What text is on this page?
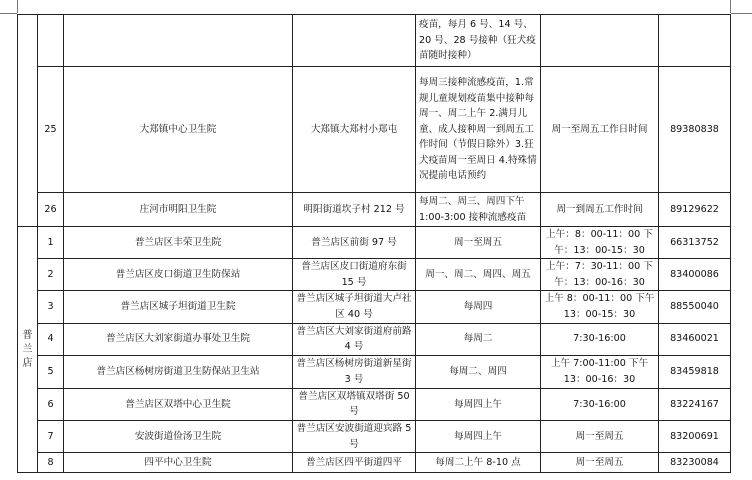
				疫苗，每月 6 号、14 号、20 号、28 号接种（狂犬疫苗随时接种）		
	25	大郑镇中心卫生院	大郑镇大郑村小郑屯	每周三接种流感疫苗，1.常规儿童规划疫苗集中接种每周一、周二上午 2.满月儿童、成人接种周一到周五工作时间（节假日除外）3.狂犬疫苗周一至周日 4.特殊情况提前电话预约	周一至周五工作日时间	89380838
	26	庄河市明阳卫生院	明阳街道坎子村 212 号	每周二、周三、周四下午 1:00-3:00 接种流感疫苗	周一到周五工作时间	89129622

普
兰
店	1	普兰店区丰荣卫生院	普兰店区前街 97 号	周一至周五	上午：8：00-11：00 下午：13：00-15：30	66313752
	2	普兰店区皮口街道卫生防保站	普兰店区皮口街道府东街 15 号	周一、周二、周四、周五	上午：7：30-11：00 下午：13：00-16：30	83400086
	3	普兰店区城子坦街道卫生院	普兰店区城子坦街道大卢社区 40 号	每周四	上午 8：00-11：00 下午 13：00-15：30	88550040
	4	普兰店区大刘家街道办事处卫生院	普兰店区大刘家街道府前路 4 号	每周二	7:30-16:00	83460021
	5	普兰店区杨树房街道卫生防保站卫生站	普兰店区杨树房街道新星街 3 号	每周二、周四	上午 7:00-11:00 下午 13：00-16：30	83459818
	6	普兰店区双塔中心卫生院	普兰店区双塔镇双塔街 50 号	每周四上午	7:30-16:00	83224167
	7	安波街道俭汤卫生院	普兰店区安波街道迎宾路 5 号	每周四上午	周一至周五	83200691
	8	四平中心卫生院	普兰店区四平街道四平	每周二上午 8-10 点	周一至周五	83230084
